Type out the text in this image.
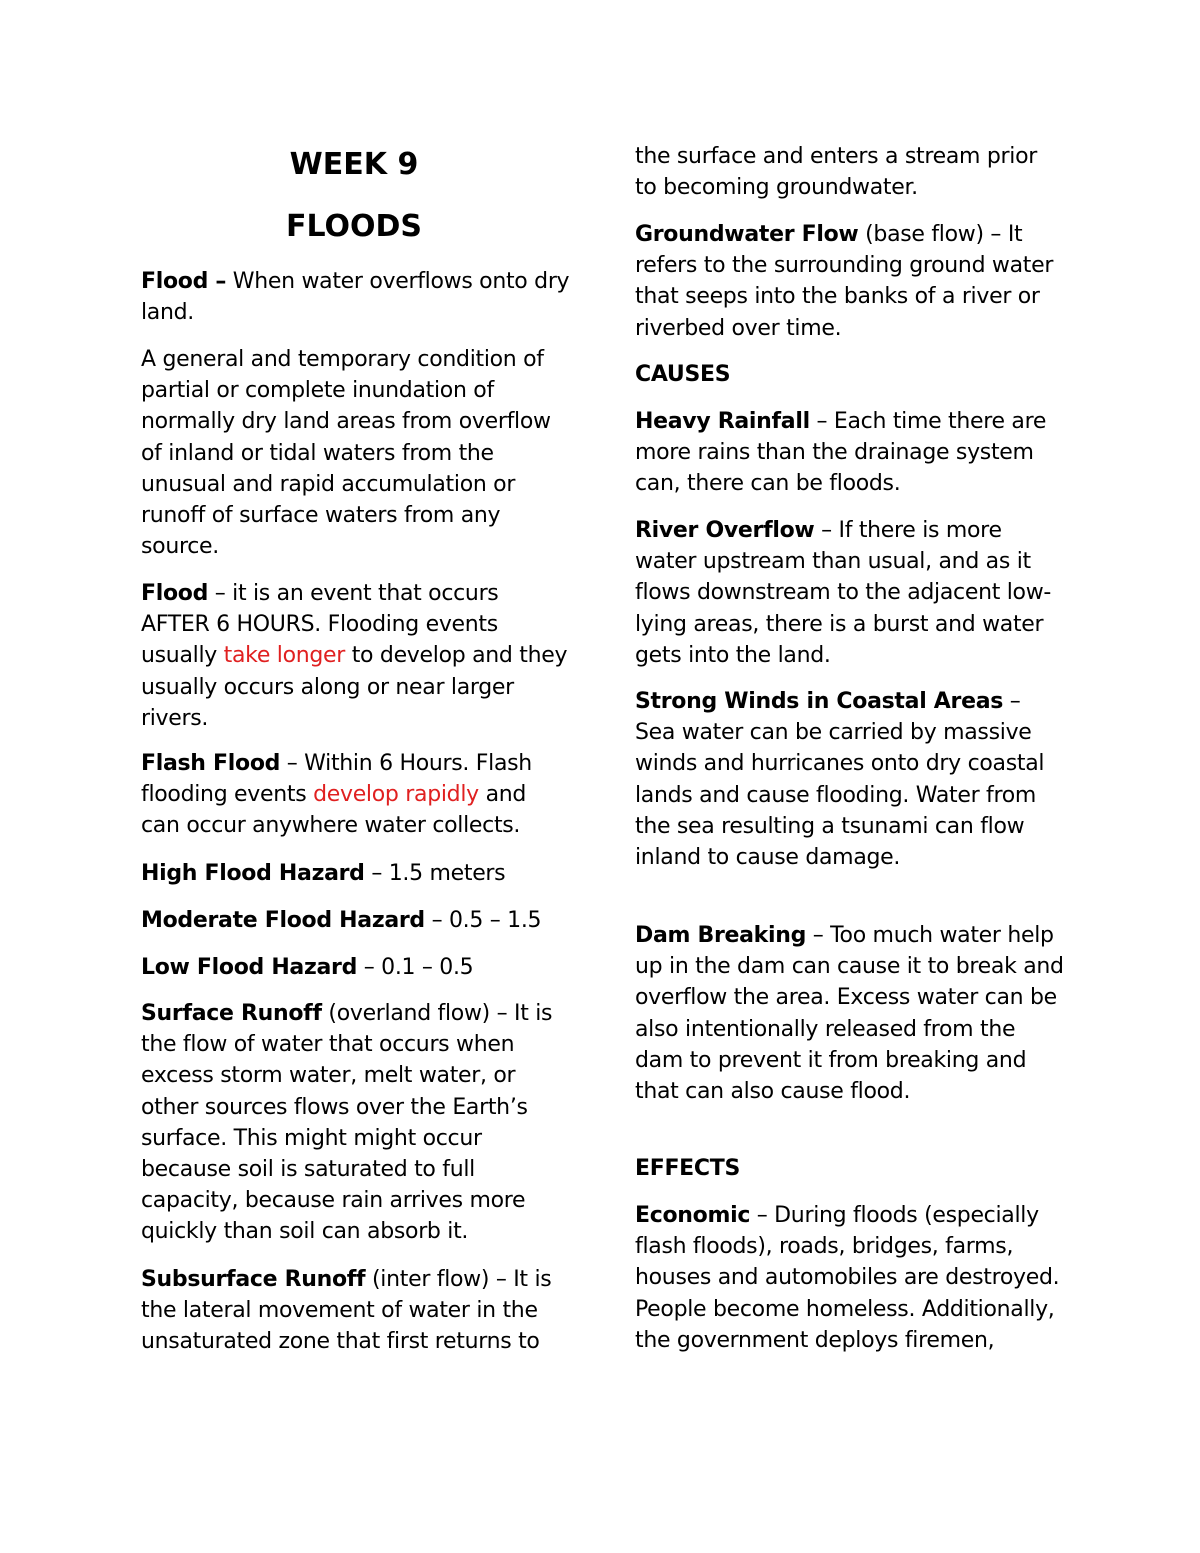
WEEK 9
FLOODS

Flood – When water overflows onto dry land.

A general and temporary condition of partial or complete inundation of normally dry land areas from overflow of inland or tidal waters from the unusual and rapid accumulation or runoff of surface waters from any source.

Flood – it is an event that occurs AFTER 6 HOURS. Flooding events usually take longer to develop and they usually occurs along or near larger rivers.

Flash Flood – Within 6 Hours. Flash flooding events develop rapidly and can occur anywhere water collects.

High Flood Hazard – 1.5 meters

Moderate Flood Hazard – 0.5 – 1.5

Low Flood Hazard – 0.1 – 0.5

Surface Runoff (overland flow) – It is the flow of water that occurs when excess storm water, melt water, or other sources flows over the Earth’s surface. This might might occur because soil is saturated to full capacity, because rain arrives more quickly than soil can absorb it.

Subsurface Runoff (inter flow) – It is the lateral movement of water in the unsaturated zone that first returns to

the surface and enters a stream prior to becoming groundwater.

Groundwater Flow (base flow) – It refers to the surrounding ground water that seeps into the banks of a river or riverbed over time.

CAUSES

Heavy Rainfall – Each time there are more rains than the drainage system can, there can be floods.

River Overflow – If there is more water upstream than usual, and as it flows downstream to the adjacent low- lying areas, there is a burst and water gets into the land.

Strong Winds in Coastal Areas – Sea water can be carried by massive winds and hurricanes onto dry coastal lands and cause flooding. Water from the sea resulting a tsunami can flow inland to cause damage.

Dam Breaking – Too much water help up in the dam can cause it to break and overflow the area. Excess water can be also intentionally released from the dam to prevent it from breaking and that can also cause flood.

EFFECTS

Economic – During floods (especially flash floods), roads, bridges, farms, houses and automobiles are destroyed. People become homeless. Additionally, the government deploys firemen,
